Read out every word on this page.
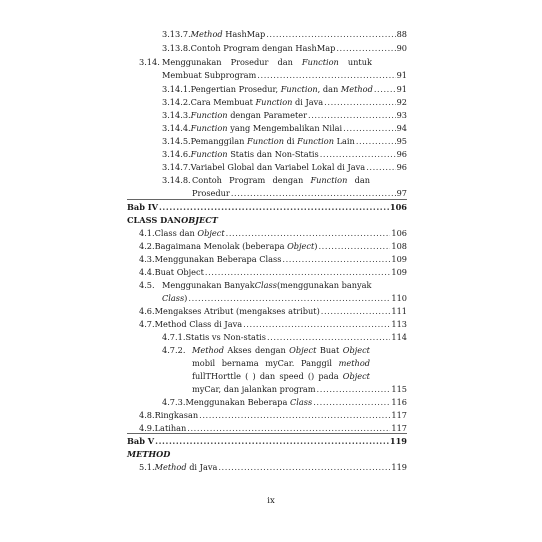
3.13.7. Method HashMap .....	88
3.13.8. Contoh Program dengan HashMap .....	90
3.14. Menggunakan Prosedur dan Function untuk
Membuat Subprogram .....	91
3.14.1. Pengertian Prosedur, Function, dan Method .....	91
3.14.2. Cara Membuat Function di Java .....	92
3.14.3. Function dengan Parameter .....	93
3.14.4. Function yang Mengembalikan Nilai .....	94
3.14.5. Pemanggilan Function di Function Lain .....	95
3.14.6. Function Statis dan Non-Statis .....	96
3.14.7. Variabel Global dan Variabel Lokal di Java .....	96
3.14.8. Contoh Program dengan Function dan
Prosedur .....	97
Bab IV .....	106
CLASS DAN OBJECT
4.1. Class dan Object .....	106
4.2. Bagaimana Menolak (beberapa Object) .....	108
4.3. Menggunakan Beberapa Class .....	109
4.4. Buat Object .....	109
4.5. Menggunakan Banyak Class (menggunakan banyak
Class) .....	110
4.6. Mengakses Atribut (mengakses atribut) .....	111
4.7. Method Class di Java .....	113
4.7.1. Statis vs Non-statis .....	114
4.7.2. Method Akses dengan Object Buat Object
mobil bernama myCar. Panggil method
fullTHorttle ( ) dan speed () pada Object
myCar, dan jalankan program .....	115
4.7.3. Menggunakan Beberapa Class .....	116
4.8. Ringkasan .....	117
4.9. Latihan .....	117
Bab V .....	119
METHOD
5.1. Method di Java .....	119
ix
